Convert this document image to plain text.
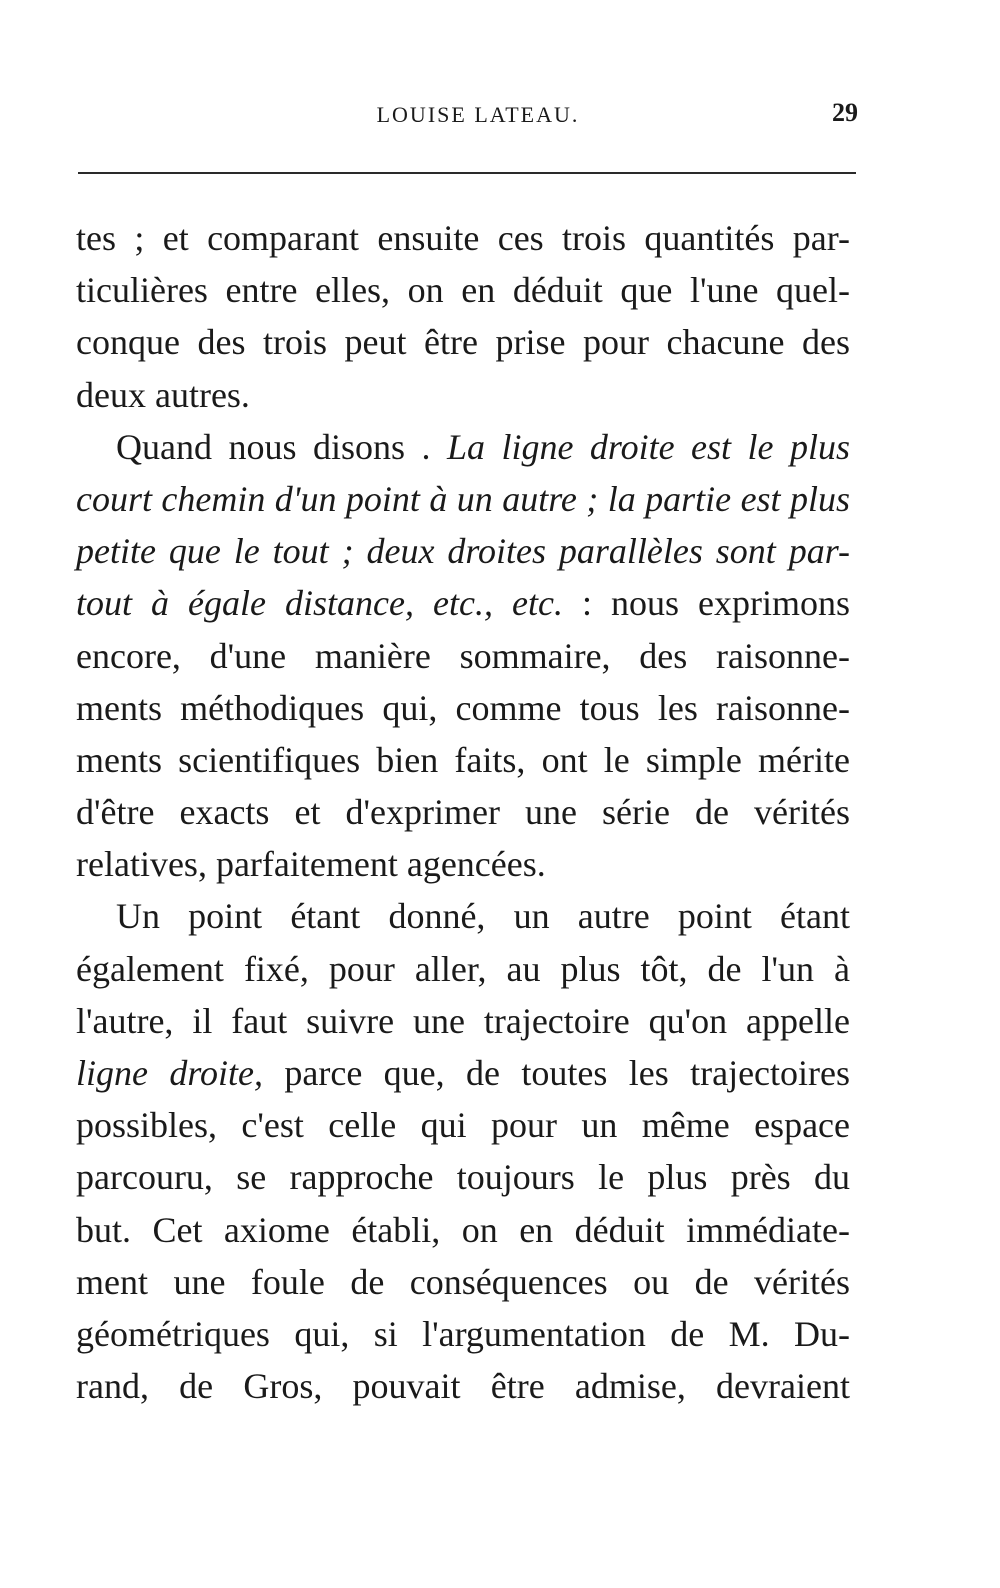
LOUISE LATEAU.	29
tes ; et comparant ensuite ces trois quantités par-
ticulières entre elles, on en déduit que l'une quel-
conque des trois peut être prise pour chacune des
deux autres.
Quand nous disons . La ligne droite est le plus
court chemin d'un point à un autre ; la partie est plus
petite que le tout ; deux droites parallèles sont par-
tout à égale distance, etc., etc. : nous exprimons
encore, d'une manière sommaire, des raisonne-
ments méthodiques qui, comme tous les raisonne-
ments scientifiques bien faits, ont le simple mérite
d'être exacts et d'exprimer une série de vérités
relatives, parfaitement agencées.
Un point étant donné, un autre point étant
également fixé, pour aller, au plus tôt, de l'un à
l'autre, il faut suivre une trajectoire qu'on appelle
ligne droite, parce que, de toutes les trajectoires
possibles, c'est celle qui pour un même espace
parcouru, se rapproche toujours le plus près du
but. Cet axiome établi, on en déduit immédiate-
ment une foule de conséquences ou de vérités
géométriques qui, si l'argumentation de M. Du-
rand, de Gros, pouvait être admise, devraient
